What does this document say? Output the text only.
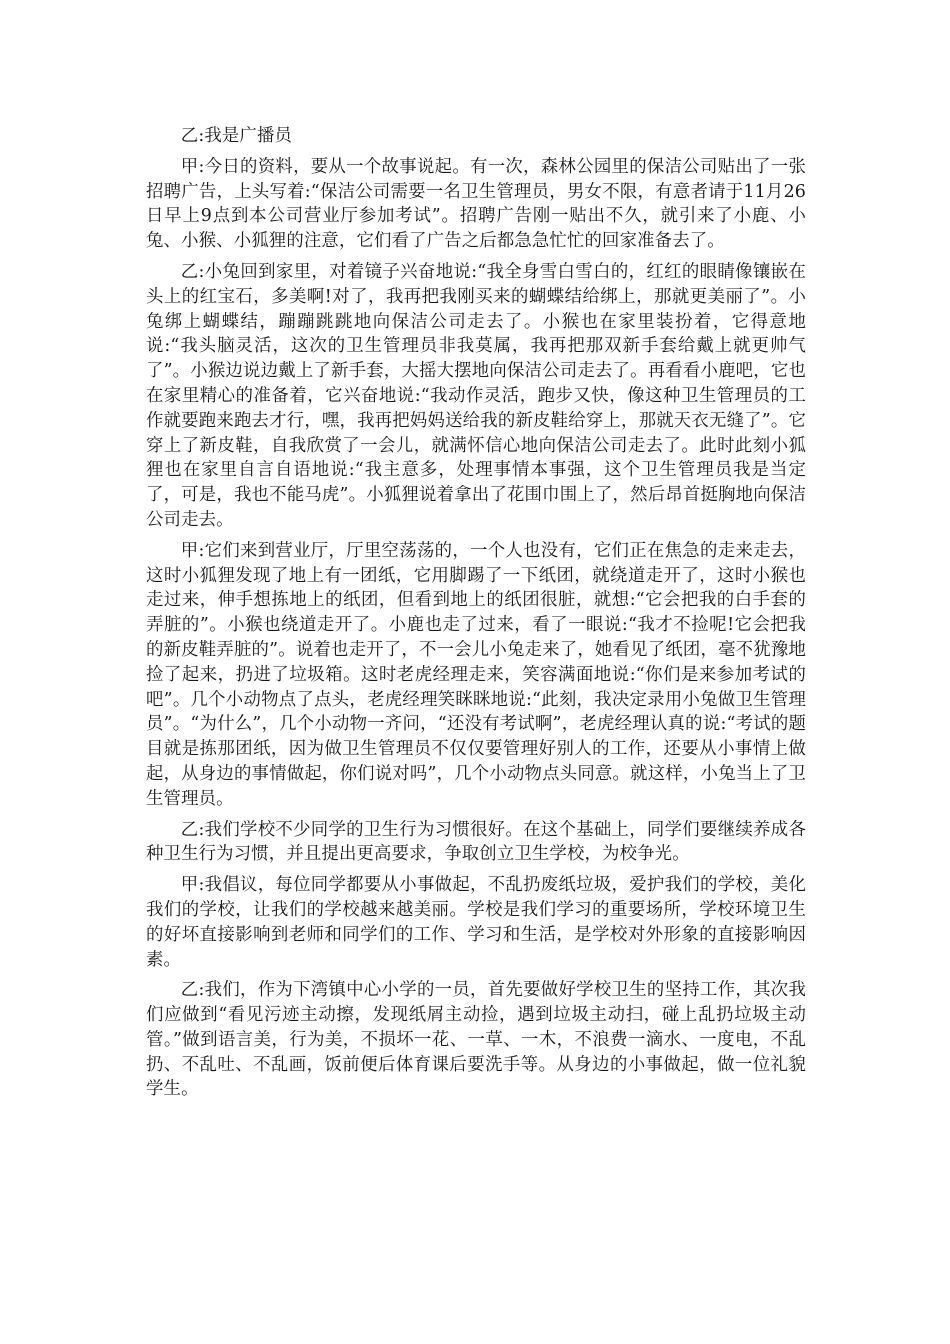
乙:我是广播员

甲:今日的资料，要从一个故事说起。有一次，森林公园里的保洁公司贴出了一张招聘广告，上头写着:“保洁公司需要一名卫生管理员，男女不限，有意者请于11月26日早上9点到本公司营业厅参加考试”。招聘广告刚一贴出不久，就引来了小鹿、小兔、小猴、小狐狸的注意，它们看了广告之后都急急忙忙的回家准备去了。

乙:小兔回到家里，对着镜子兴奋地说:“我全身雪白雪白的，红红的眼睛像镶嵌在头上的红宝石，多美啊!对了，我再把我刚买来的蝴蝶结给绑上，那就更美丽了”。小兔绑上蝴蝶结，蹦蹦跳跳地向保洁公司走去了。小猴也在家里装扮着，它得意地说:“我头脑灵活，这次的卫生管理员非我莫属，我再把那双新手套给戴上就更帅气了”。小猴边说边戴上了新手套，大摇大摆地向保洁公司走去了。再看看小鹿吧，它也在家里精心的准备着，它兴奋地说:“我动作灵活，跑步又快，像这种卫生管理员的工作就要跑来跑去才行，嘿，我再把妈妈送给我的新皮鞋给穿上，那就天衣无缝了”。它穿上了新皮鞋，自我欣赏了一会儿，就满怀信心地向保洁公司走去了。此时此刻小狐狸也在家里自言自语地说:“我主意多，处理事情本事强，这个卫生管理员我是当定了，可是，我也不能马虎”。小狐狸说着拿出了花围巾围上了，然后昂首挺胸地向保洁公司走去。

甲:它们来到营业厅，厅里空荡荡的，一个人也没有，它们正在焦急的走来走去，这时小狐狸发现了地上有一团纸，它用脚踢了一下纸团，就绕道走开了，这时小猴也走过来，伸手想拣地上的纸团，但看到地上的纸团很脏，就想:“它会把我的白手套的弄脏的”。小猴也绕道走开了。小鹿也走了过来，看了一眼说:“我才不捡呢!它会把我的新皮鞋弄脏的”。说着也走开了，不一会儿小兔走来了，她看见了纸团，毫不犹豫地捡了起来，扔进了垃圾箱。这时老虎经理走来，笑容满面地说:“你们是来参加考试的吧”。几个小动物点了点头，老虎经理笑眯眯地说:“此刻，我决定录用小兔做卫生管理员”。“为什么”，几个小动物一齐问，“还没有考试啊”，老虎经理认真的说:“考试的题目就是拣那团纸，因为做卫生管理员不仅仅要管理好别人的工作，还要从小事情上做起，从身边的事情做起，你们说对吗”，几个小动物点头同意。就这样，小兔当上了卫生管理员。

乙:我们学校不少同学的卫生行为习惯很好。在这个基础上，同学们要继续养成各种卫生行为习惯，并且提出更高要求，争取创立卫生学校，为校争光。

甲:我倡议，每位同学都要从小事做起，不乱扔废纸垃圾，爱护我们的学校，美化我们的学校，让我们的学校越来越美丽。学校是我们学习的重要场所，学校环境卫生的好坏直接影响到老师和同学们的工作、学习和生活，是学校对外形象的直接影响因素。

乙:我们，作为下湾镇中心小学的一员，首先要做好学校卫生的坚持工作，其次我们应做到“看见污迹主动擦，发现纸屑主动捡，遇到垃圾主动扫，碰上乱扔垃圾主动管。”做到语言美，行为美，不损坏一花、一草、一木，不浪费一滴水、一度电，不乱扔、不乱吐、不乱画，饭前便后体育课后要洗手等。从身边的小事做起，做一位礼貌学生。
